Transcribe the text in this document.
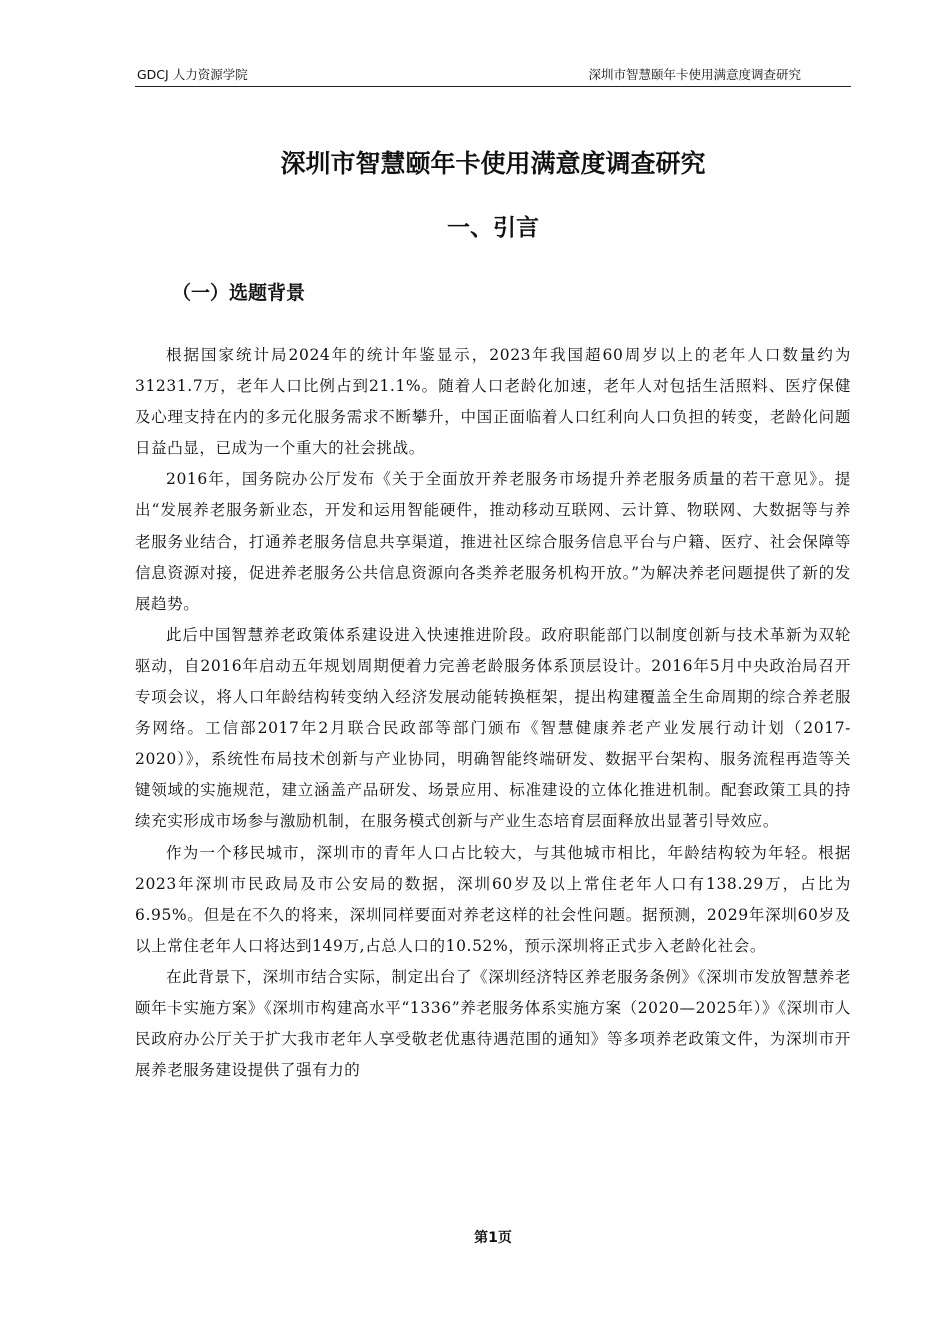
GDCJ 人力资源学院	深圳市智慧颐年卡使用满意度调查研究
深圳市智慧颐年卡使用满意度调查研究
一、引言
（一）选题背景

根据国家统计局2024年的统计年鉴显示，2023年我国超60周岁以上的老年人口数量约为31231.7万，老年人口比例占到21.1%。随着人口老龄化加速，老年人对包括生活照料、医疗保健及心理支持在内的多元化服务需求不断攀升，中国正面临着人口红利向人口负担的转变，老龄化问题日益凸显，已成为一个重大的社会挑战。

2016年，国务院办公厅发布《关于全面放开养老服务市场提升养老服务质量的若干意见》。提出“发展养老服务新业态，开发和运用智能硬件，推动移动互联网、云计算、物联网、大数据等与养老服务业结合，打通养老服务信息共享渠道，推进社区综合服务信息平台与户籍、医疗、社会保障等信息资源对接，促进养老服务公共信息资源向各类养老服务机构开放。”为解决养老问题提供了新的发展趋势。

此后中国智慧养老政策体系建设进入快速推进阶段。政府职能部门以制度创新与技术革新为双轮驱动，自2016年启动五年规划周期便着力完善老龄服务体系顶层设计。2016年5月中央政治局召开专项会议，将人口年龄结构转变纳入经济发展动能转换框架，提出构建覆盖全生命周期的综合养老服务网络。工信部2017年2月联合民政部等部门颁布《智慧健康养老产业发展行动计划（2017-2020）》，系统性布局技术创新与产业协同，明确智能终端研发、数据平台架构、服务流程再造等关键领域的实施规范，建立涵盖产品研发、场景应用、标准建设的立体化推进机制。配套政策工具的持续充实形成市场参与激励机制，在服务模式创新与产业生态培育层面释放出显著引导效应。

作为一个移民城市，深圳市的青年人口占比较大，与其他城市相比，年龄结构较为年轻。根据2023年深圳市民政局及市公安局的数据，深圳60岁及以上常住老年人口有138.29万，占比为6.95%。但是在不久的将来，深圳同样要面对养老这样的社会性问题。据预测，2029年深圳60岁及以上常住老年人口将达到149万,占总人口的10.52%，预示深圳将正式步入老龄化社会。

在此背景下，深圳市结合实际，制定出台了《深圳经济特区养老服务条例》《深圳市发放智慧养老颐年卡实施方案》《深圳市构建高水平“1336”养老服务体系实施方案（2020—2025年）》《深圳市人民政府办公厅关于扩大我市老年人享受敬老优惠待遇范围的通知》等多项养老政策文件，为深圳市开展养老服务建设提供了强有力的

第1页
